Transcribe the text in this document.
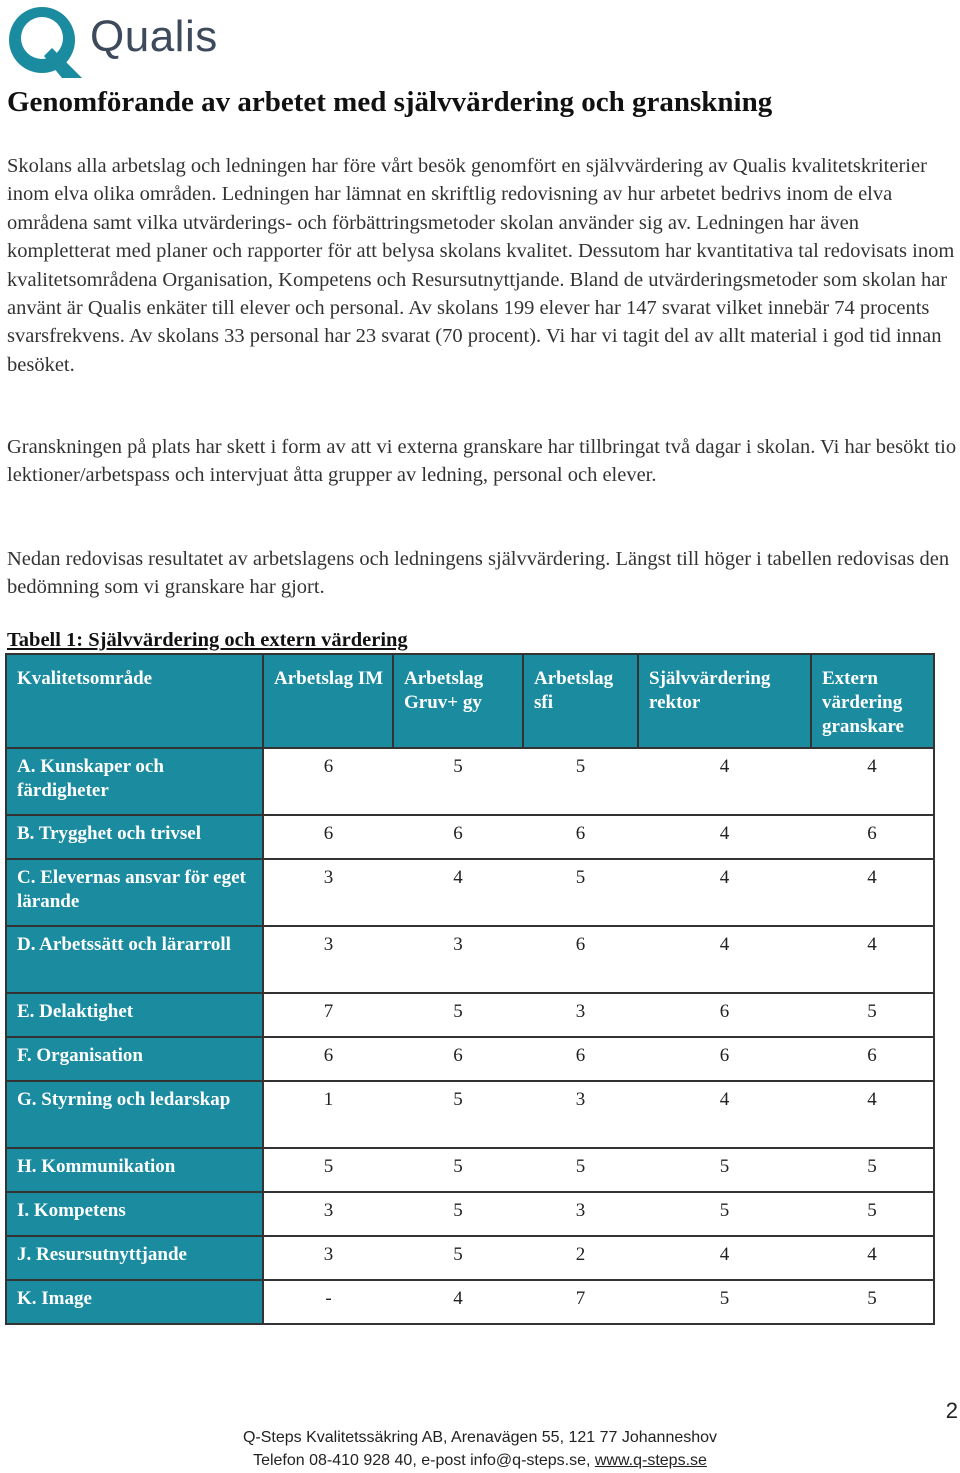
Qualis
Genomförande av arbetet med självvärdering och granskning

Skolans alla arbetslag och ledningen har före vårt besök genomfört en självvärdering av Qualis kvalitetskriterier inom elva olika områden. Ledningen har lämnat en skriftlig redovisning av hur arbetet bedrivs inom de elva områdena samt vilka utvärderings- och förbättringsmetoder skolan använder sig av. Ledningen har även kompletterat med planer och rapporter för att belysa skolans kvalitet. Dessutom har kvantitativa tal redovisats inom kvalitetsområdena Organisation, Kompetens och Resursutnyttjande. Bland de utvärderingsmetoder som skolan har använt är Qualis enkäter till elever och personal. Av skolans 199 elever har 147 svarat vilket innebär 74 procents svarsfrekvens. Av skolans 33 personal har 23 svarat (70 procent). Vi har vi tagit del av allt material i god tid innan besöket.

Granskningen på plats har skett i form av att vi externa granskare har tillbringat två dagar i skolan. Vi har besökt tio lektioner/arbetspass och intervjuat åtta grupper av ledning, personal och elever.

Nedan redovisas resultatet av arbetslagens och ledningens självvärdering. Längst till höger i tabellen redovisas den bedömning som vi granskare har gjort.

Tabell 1: Självvärdering och extern värdering

Kvalitetsområde	Arbetslag IM	Arbetslag Gruv+ gy	Arbetslag sfi	Självvärdering rektor	Extern värdering granskare
A. Kunskaper och färdigheter	6	5	5	4	4
B. Trygghet och trivsel	6	6	6	4	6
C. Elevernas ansvar för eget lärande	3	4	5	4	4
D. Arbetssätt och lärarroll	3	3	6	4	4
E. Delaktighet	7	5	3	6	5
F. Organisation	6	6	6	6	6
G. Styrning och ledarskap	1	5	3	4	4
H. Kommunikation	5	5	5	5	5
I. Kompetens	3	5	3	5	5
J. Resursutnyttjande	3	5	2	4	4
K. Image	-	4	7	5	5
2
Q-Steps Kvalitetssäkring AB, Arenavägen 55, 121 77 Johanneshov
Telefon 08-410 928 40, e-post info@q-steps.se, www.q-steps.se
